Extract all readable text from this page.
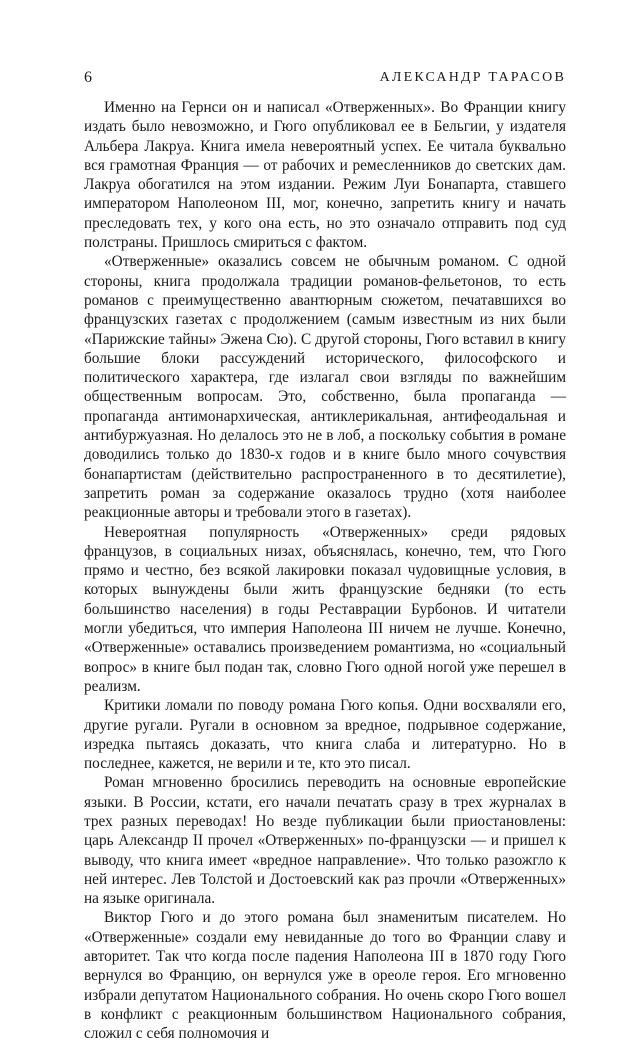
6	АЛЕКСАНДР ТАРАСОВ

Именно на Гернси он и написал «Отверженных». Во Франции книгу издать было невозможно, и Гюго опубликовал ее в Бельгии, у издателя Альбера Лакруа. Книга имела невероятный успех. Ее читала буквально вся грамотная Франция — от рабочих и ремесленников до светских дам. Лакруа обогатился на этом издании. Режим Луи Бонапарта, ставшего императором Наполеоном III, мог, конечно, запретить книгу и начать преследовать тех, у кого она есть, но это означало отправить под суд полстраны. Пришлось смириться с фактом.

«Отверженные» оказались совсем не обычным романом. С одной стороны, книга продолжала традиции романов-фельетонов, то есть романов с преимущественно авантюрным сюжетом, печатавшихся во французских газетах с продолжением (самым известным из них были «Парижские тайны» Эжена Сю). С другой стороны, Гюго вставил в книгу большие блоки рассуждений исторического, философского и политического характера, где излагал свои взгляды по важнейшим общественным вопросам. Это, собственно, была пропаганда — пропаганда антимонархическая, антиклерикальная, антифеодальная и антибуржуазная. Но делалось это не в лоб, а поскольку события в романе доводились только до 1830-х годов и в книге было много сочувствия бонапартистам (действительно распространенного в то десятилетие), запретить роман за содержание оказалось трудно (хотя наиболее реакционные авторы и требовали этого в газетах).

Невероятная популярность «Отверженных» среди рядовых французов, в социальных низах, объяснялась, конечно, тем, что Гюго прямо и честно, без всякой лакировки показал чудовищные условия, в которых вынуждены были жить французские бедняки (то есть большинство населения) в годы Реставрации Бурбонов. И читатели могли убедиться, что империя Наполеона III ничем не лучше. Конечно, «Отверженные» оставались произведением романтизма, но «социальный вопрос» в книге был подан так, словно Гюго одной ногой уже перешел в реализм.

Критики ломали по поводу романа Гюго копья. Одни восхваляли его, другие ругали. Ругали в основном за вредное, подрывное содержание, изредка пытаясь доказать, что книга слаба и литературно. Но в последнее, кажется, не верили и те, кто это писал.

Роман мгновенно бросились переводить на основные европейские языки. В России, кстати, его начали печатать сразу в трех журналах в трех разных переводах! Но везде публикации были приостановлены: царь Александр II прочел «Отверженных» по-французски — и пришел к выводу, что книга имеет «вредное направление». Что только разожгло к ней интерес. Лев Толстой и Достоевский как раз прочли «Отверженных» на языке оригинала.

Виктор Гюго и до этого романа был знаменитым писателем. Но «Отверженные» создали ему невиданные до того во Франции славу и авторитет. Так что когда после падения Наполеона III в 1870 году Гюго вернулся во Францию, он вернулся уже в ореоле героя. Его мгновенно избрали депутатом Национального собрания. Но очень скоро Гюго вошел в конфликт с реакционным большинством Национального собрания, сложил с себя полномочия и
